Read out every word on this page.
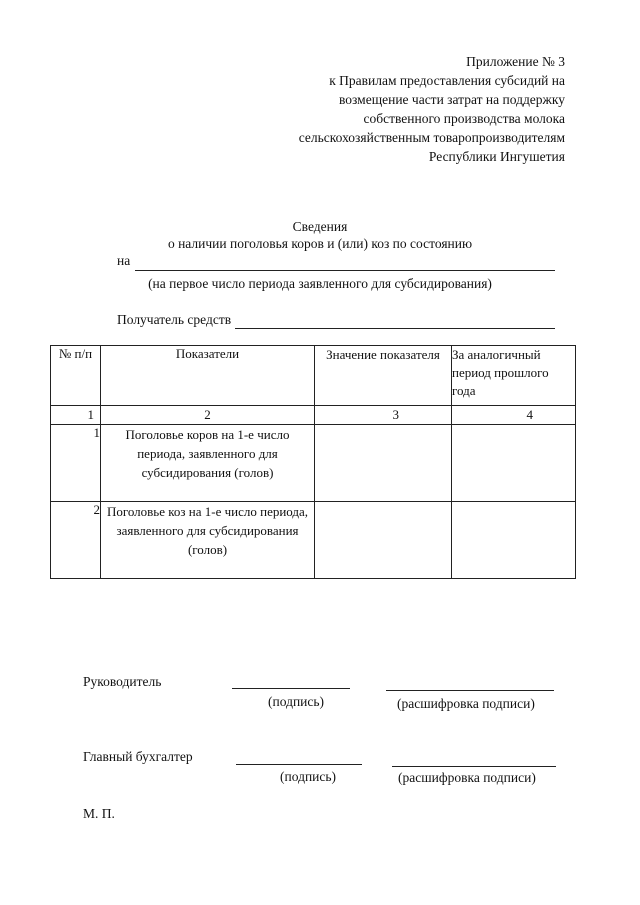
Приложение № 3
к Правилам предоставления субсидий на
возмещение части затрат на поддержку
собственного производства молока
сельскохозяйственным товаропроизводителям
Республики Ингушетия
Сведения
о наличии поголовья коров и (или) коз по состоянию
на
(на первое число периода заявленного для субсидирования)
Получатель средств
№ п/п	Показатели	Значение показателя	За аналогичный период прошлого года
1	2	3	4
1	Поголовье коров на 1-е число периода, заявленного для субсидирования (голов)		
2	Поголовье коз на 1-е число периода, заявленного для субсидирования (голов)		
Руководитель
(подпись)	(расшифровка подписи)
Главный бухгалтер
(подпись)	(расшифровка подписи)
М. П.
